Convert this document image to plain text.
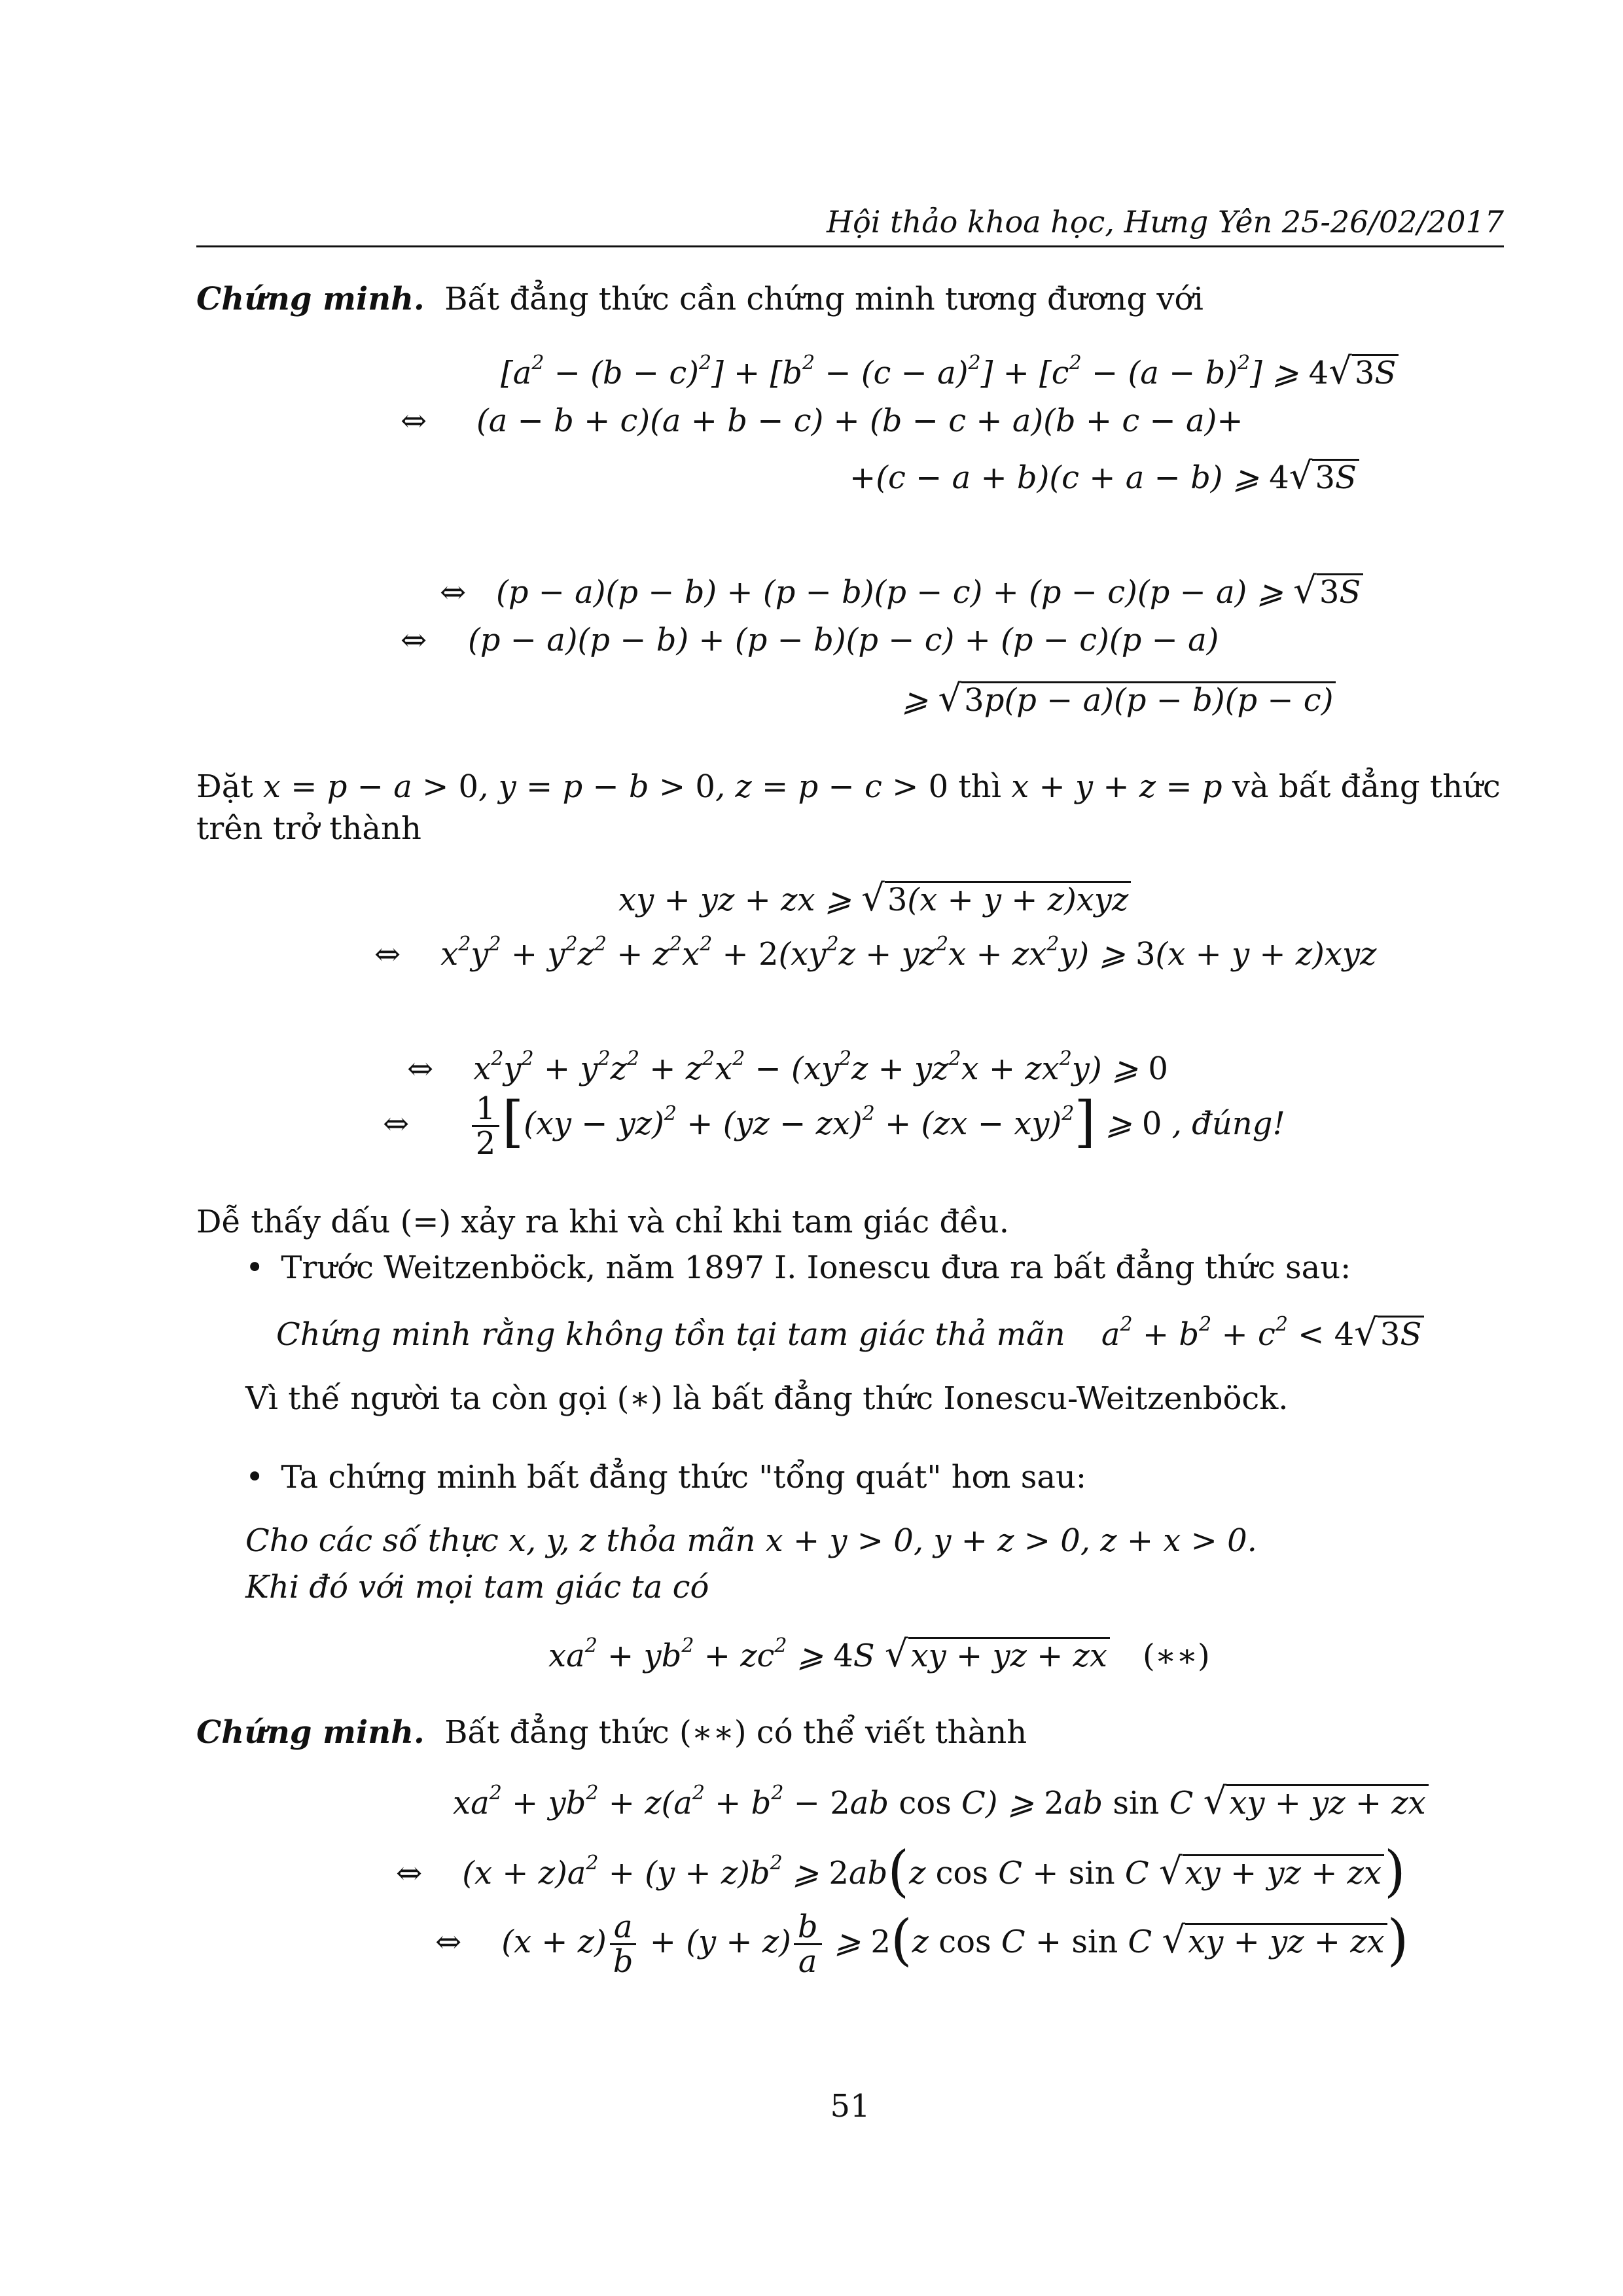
Hội thảo khoa học, Hưng Yên 25-26/02/2017
Chứng minh. Bất đẳng thức cần chứng minh tương đương với
$[a^2 - (b - c)^2] + [b^2 - (c - a)^2] + [c^2 - (a - b)^2]$ ⩾ 4√3S
⇔ (a − b + c)(a + b − c) + (b − c + a)(b + c − a)+
+(c − a + b)(c + a − b) ⩾ 4√3S
⇔   (p − a)(p − b) + (p − b)(p − c) + (p − c)(p − a) ⩾ √3S
⇔ (p − a)(p − b) + (p − b)(p − c) + (p − c)(p − a)
⩾ √3p(p − a)(p − b)(p − c)
Đặt x = p − a > 0, y = p − b > 0, z = p − c > 0 thì x + y + z = p và bất đẳng thức trên trở thành
xy + yz + zx ⩾ √3(x + y + z)xyz
⇔    $x^2y^2 + y^2z^2 + z^2x^2 + 2(xy^2z + yz^2x + zx^2y)$ ⩾ 3(x + y + z)xyz
⇔    $x^2y^2 + y^2z^2 + z^2x^2 - (xy^2z + yz^2x + zx^2y)$ ⩾ 0
⇔ $\frac{1}{2} [(xy - yz)^2 + (yz - zx)^2 + (zx - xy)^2]$ ⩾ 0 , đúng!
Dễ thấy dấu (=) xảy ra khi và chỉ khi tam giác đều.
• Trước Weitzenböck, năm 1897 I. Ionescu đưa ra bất đẳng thức sau:
Chứng minh rằng không tồn tại tam giác thả mãn $a^2 + b^2 + c^2 < 4√3S$
Vì thế người ta còn gọi (∗) là bất đẳng thức Ionescu-Weitzenböck.
• Ta chứng minh bất đẳng thức "tổng quát" hơn sau:
Cho các số thực x, y, z thỏa mãn x + y > 0, y + z > 0, z + x > 0.
Khi đó với mọi tam giác ta có
$xa^2 + yb^2 + zc^2$ ⩾ 4S √xy + yz + zx (∗∗)
Chứng minh. Bất đẳng thức (∗∗) có thể viết thành
$xa^2 + yb^2 + z(a^2 + b^2 - 2ab$ cos C) ⩾ 2ab sin C √xy + yz + zx
⇔    $(x + z)a^2 + (y + z)b^2$ ⩾ 2ab(z cos C + sin C √xy + yz + zx)
⇔    $(x + z) \frac{a}{b} + (y + z) \frac{b}{a}$ ⩾ 2(z cos C + sin C √xy + yz + zx)
51
